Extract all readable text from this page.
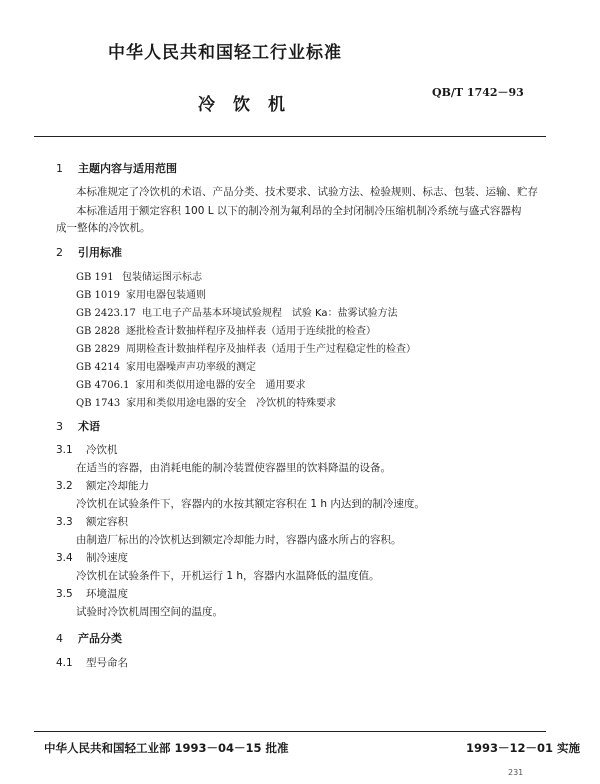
中华人民共和国轻工行业标准
冷饮机
QB/T 1742－93
1 主题内容与适用范围
本标准规定了冷饮机的术语、产品分类、技术要求、试验方法、检验规则、标志、包装、运输、贮存
本标准适用于额定容积 100 L 以下的制冷剂为氟利昂的全封闭制冷压缩机制冷系统与盛式容器构
成一整体的冷饮机。
2 引用标准
GB 191 包装储运图示标志
GB 1019 家用电器包装通则
GB 2423.17 电工电子产品基本环境试验规程　试验 Ka：盐雾试验方法
GB 2828 逐批检查计数抽样程序及抽样表（适用于连续批的检查）
GB 2829 周期检查计数抽样程序及抽样表（适用于生产过程稳定性的检查）
GB 4214 家用电器噪声声功率级的测定
GB 4706.1 家用和类似用途电器的安全　通用要求
QB 1743 家用和类似用途电器的安全　冷饮机的特殊要求
3 术语
3.1 冷饮机
在适当的容器，由消耗电能的制冷装置使容器里的饮料降温的设备。
3.2 额定冷却能力
冷饮机在试验条件下，容器内的水按其额定容积在 1 h 内达到的制冷速度。
3.3 额定容积
由制造厂标出的冷饮机达到额定冷却能力时，容器内盛水所占的容积。
3.4 制冷速度
冷饮机在试验条件下，开机运行 1 h，容器内水温降低的温度值。
3.5 环境温度
试验时冷饮机周围空间的温度。
4 产品分类
4.1 型号命名
中华人民共和国轻工业部 1993－04－15 批准	1993－12－01 实施
231
